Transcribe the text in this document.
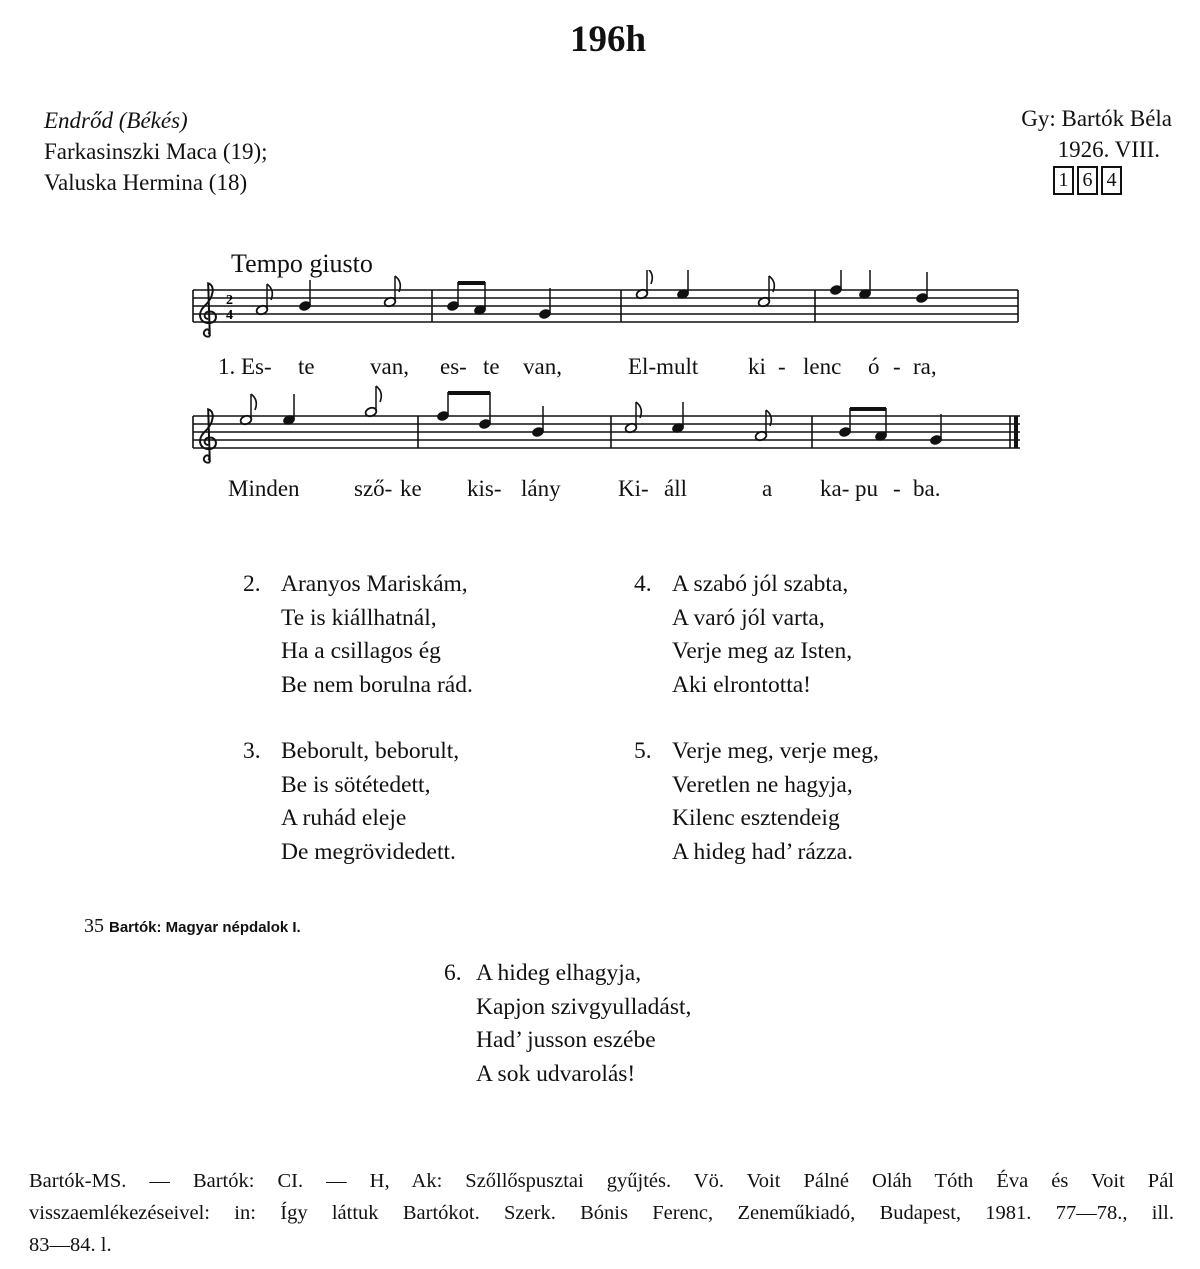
196h
Endrőd (Békés)
Farkasinszki Maca (19);
Valuska Hermina (18)
Gy: Bartók Béla
1926. VIII.
1 6 4
Tempo giusto
2
4
1. Es- te van, es- te van,	El-mult ki - lenc ó - ra,
Minden sző- ke kis- lány Ki- áll	a ka- pu - ba.
2. Aranyos Mariskám,
Te is kiállhatnál,
Ha a csillagos ég
Be nem borulna rád.
3. Beborult, beborult,
Be is sötétedett,
A ruhád eleje
De megrövidedett.
4. A szabó jól szabta,
A varó jól varta,
Verje meg az Isten,
Aki elrontotta!
5. Verje meg, verje meg,
Veretlen ne hagyja,
Kilenc esztendeig
A hideg had’ rázza.
35 Bartók: Magyar népdalok I.
6. A hideg elhagyja,
Kapjon szivgyulladást,
Had’ jusson eszébe
A sok udvarolás!

Bartók-MS. — Bartók: CI. — H, Ak: Szőllőspusztai gyűjtés. Vö. Voit Pálné Oláh Tóth Éva és Voit Pál

visszaemlékezéseivel: in: Így láttuk Bartókot. Szerk. Bónis Ferenc, Zeneműkiadó, Budapest, 1981. 77—78., ill.

83—84. l.
